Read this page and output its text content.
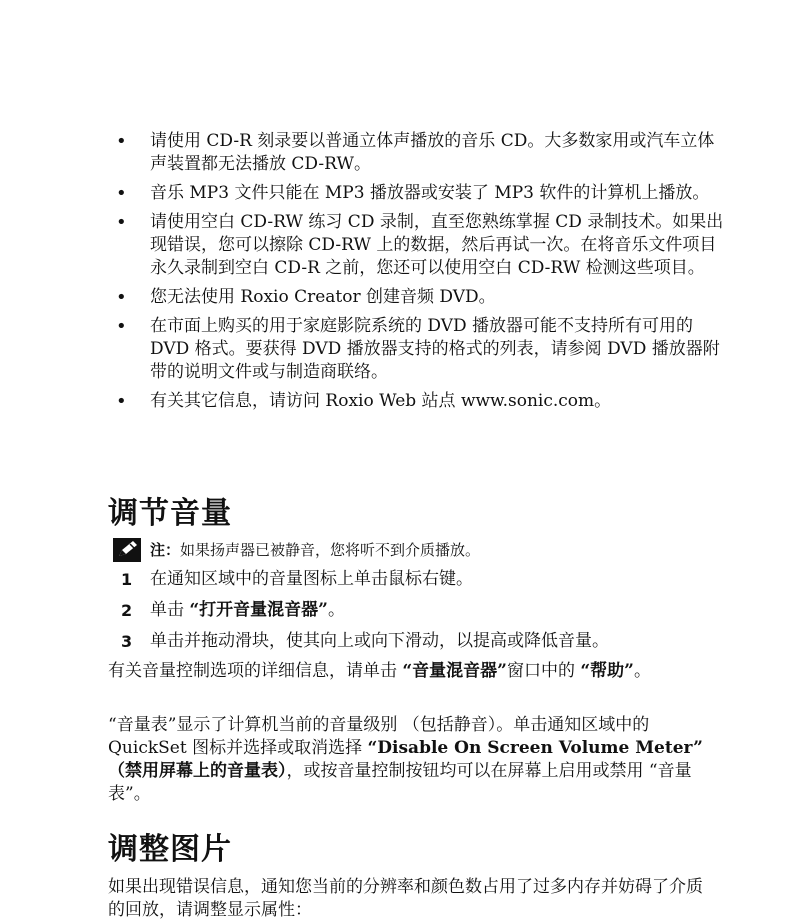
• 请使用 CD-R 刻录要以普通立体声播放的音乐 CD。大多数家用或汽车立体声装置都无法播放 CD-RW。
• 音乐 MP3 文件只能在 MP3 播放器或安装了 MP3 软件的计算机上播放。
• 请使用空白 CD-RW 练习 CD 录制，直至您熟练掌握 CD 录制技术。如果出现错误，您可以擦除 CD-RW 上的数据，然后再试一次。在将音乐文件项目永久录制到空白 CD-R 之前，您还可以使用空白 CD-RW 检测这些项目。
• 您无法使用 Roxio Creator 创建音频 DVD。
• 在市面上购买的用于家庭影院系统的 DVD 播放器可能不支持所有可用的 DVD 格式。要获得 DVD 播放器支持的格式的列表，请参阅 DVD 播放器附带的说明文件或与制造商联络。
• 有关其它信息，请访问 Roxio Web 站点 www.sonic.com。
调节音量
注：如果扬声器已被静音，您将听不到介质播放。
1 在通知区域中的音量图标上单击鼠标右键。
2 单击 “打开音量混音器”。
3 单击并拖动滑块，使其向上或向下滑动，以提高或降低音量。
有关音量控制选项的详细信息，请单击 “音量混音器”窗口中的 “帮助”。
“音量表”显示了计算机当前的音量级别 （包括静音）。单击通知区域中的 QuickSet 图标并选择或取消选择 “Disable On Screen Volume Meter” （禁用屏幕上的音量表），或按音量控制按钮均可以在屏幕上启用或禁用 “音量表”。
调整图片
如果出现错误信息，通知您当前的分辨率和颜色数占用了过多内存并妨碍了介质的回放，请调整显示属性：
